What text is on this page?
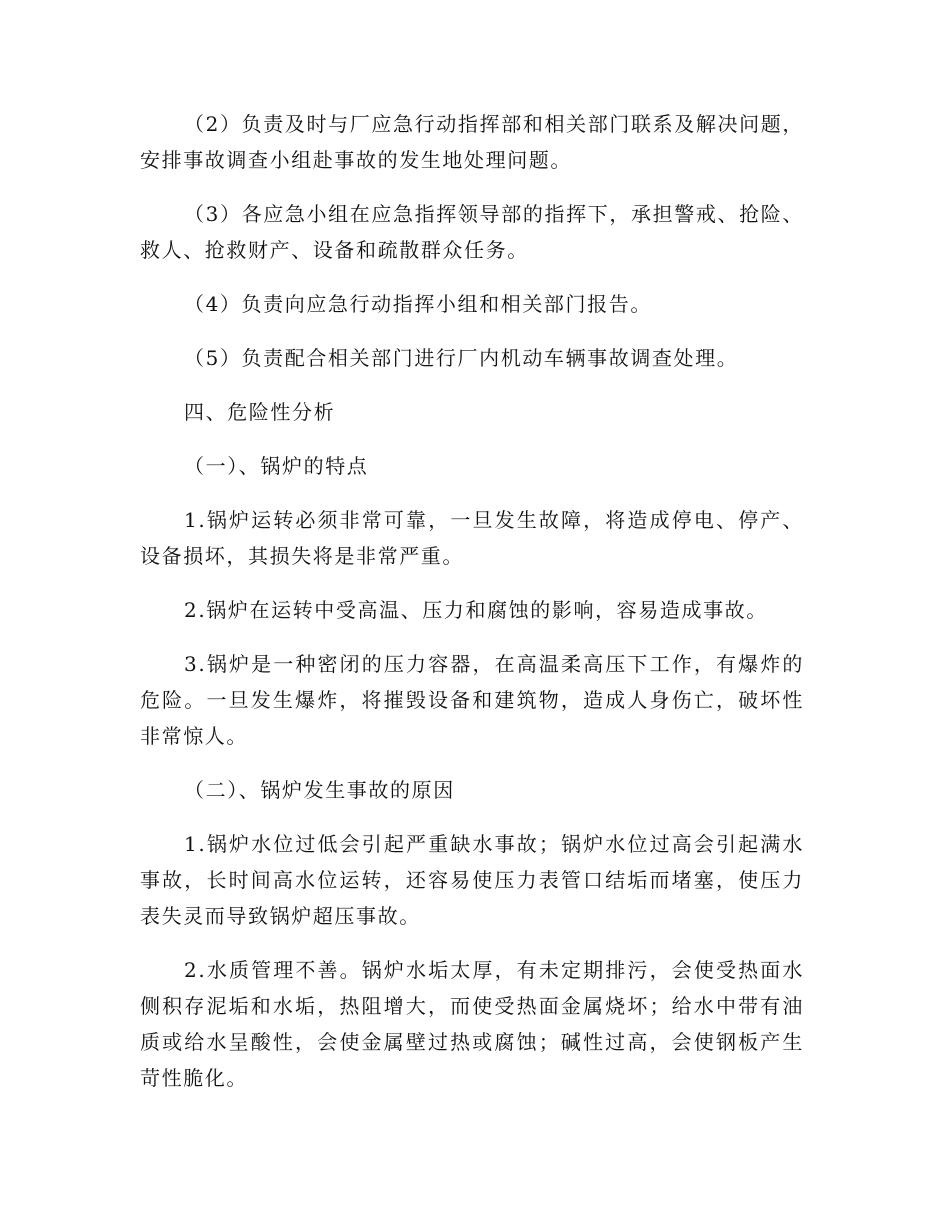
（2）负责及时与厂应急行动指挥部和相关部门联系及解决问题，安排事故调查小组赴事故的发生地处理问题。

（3）各应急小组在应急指挥领导部的指挥下，承担警戒、抢险、救人、抢救财产、设备和疏散群众任务。

（4）负责向应急行动指挥小组和相关部门报告。

（5）负责配合相关部门进行厂内机动车辆事故调查处理。

四、危险性分析

（一）、锅炉的特点

1.锅炉运转必须非常可靠，一旦发生故障，将造成停电、停产、设备损坏，其损失将是非常严重。

2.锅炉在运转中受高温、压力和腐蚀的影响，容易造成事故。

3.锅炉是一种密闭的压力容器，在高温柔高压下工作，有爆炸的危险。一旦发生爆炸，将摧毁设备和建筑物，造成人身伤亡，破坏性非常惊人。

（二）、锅炉发生事故的原因

1.锅炉水位过低会引起严重缺水事故；锅炉水位过高会引起满水事故，长时间高水位运转，还容易使压力表管口结垢而堵塞，使压力表失灵而导致锅炉超压事故。

2.水质管理不善。锅炉水垢太厚，有未定期排污，会使受热面水侧积存泥垢和水垢，热阻增大，而使受热面金属烧坏；给水中带有油质或给水呈酸性，会使金属壁过热或腐蚀；碱性过高，会使钢板产生苛性脆化。
